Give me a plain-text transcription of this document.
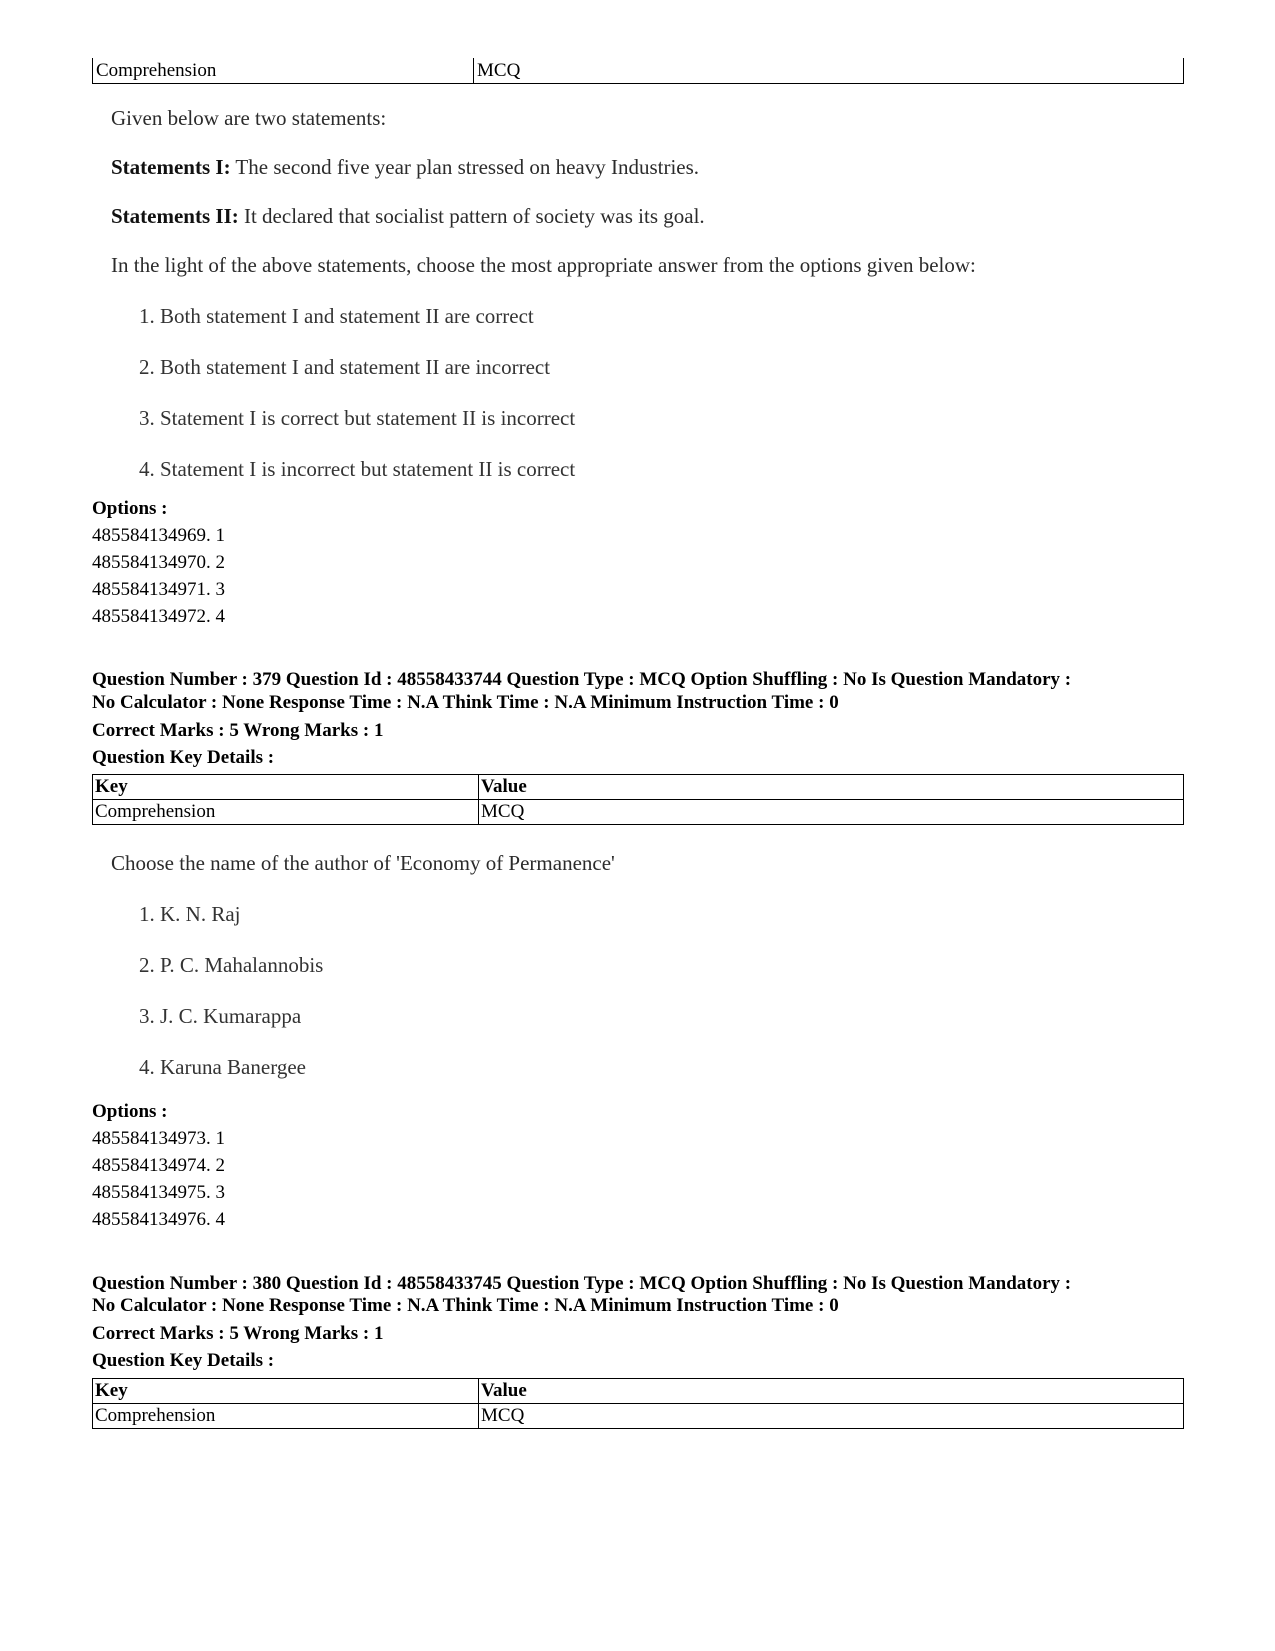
Comprehension	MCQ
Given below are two statements:
Statements I: The second five year plan stressed on heavy Industries.
Statements II: It declared that socialist pattern of society was its goal.
In the light of the above statements, choose the most appropriate answer from the options given below:
1. Both statement I and statement II are correct
2. Both statement I and statement II are incorrect
3. Statement I is correct but statement II is incorrect
4. Statement I is incorrect but statement II is correct
Options :
485584134969. 1
485584134970. 2
485584134971. 3
485584134972. 4
Question Number : 379 Question Id : 48558433744 Question Type : MCQ Option Shuffling : No Is Question Mandatory :
No Calculator : None Response Time : N.A Think Time : N.A Minimum Instruction Time : 0
Correct Marks : 5 Wrong Marks : 1
Question Key Details :
Key	Value
Comprehension	MCQ
Choose the name of the author of 'Economy of Permanence'
1. K. N. Raj
2. P. C. Mahalannobis
3. J. C. Kumarappa
4. Karuna Banergee
Options :
485584134973. 1
485584134974. 2
485584134975. 3
485584134976. 4
Question Number : 380 Question Id : 48558433745 Question Type : MCQ Option Shuffling : No Is Question Mandatory :
No Calculator : None Response Time : N.A Think Time : N.A Minimum Instruction Time : 0
Correct Marks : 5 Wrong Marks : 1
Question Key Details :
Key	Value
Comprehension	MCQ
